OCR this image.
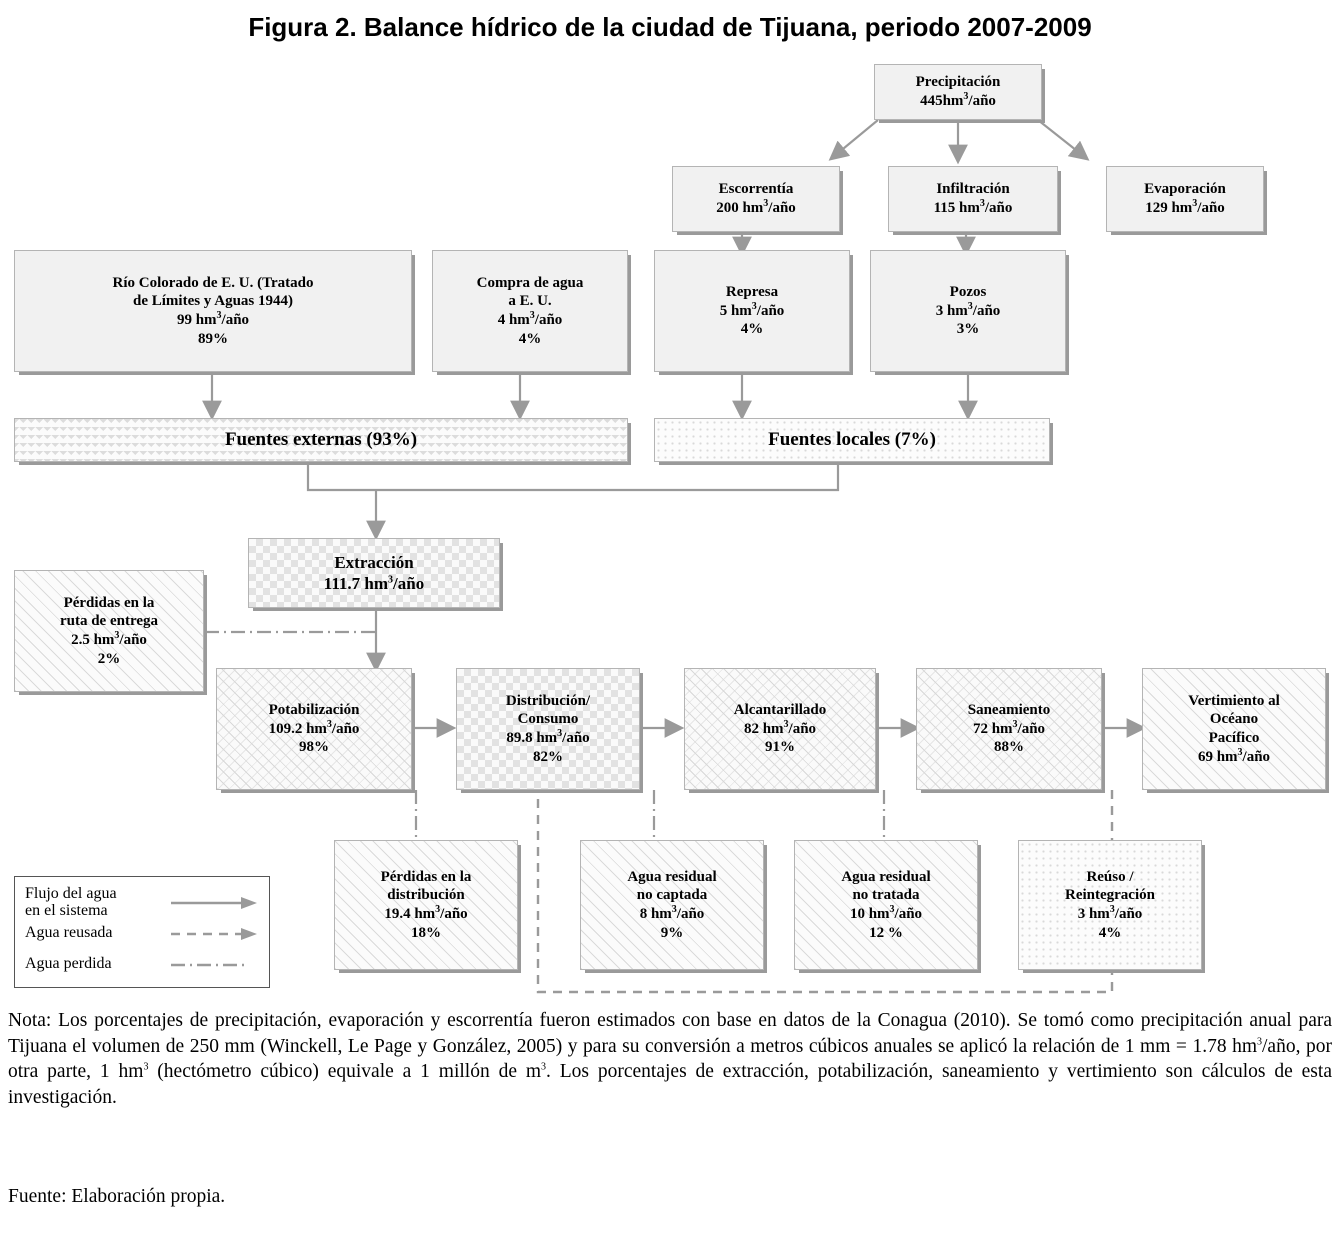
Figura 2. Balance hídrico de la ciudad de Tijuana, periodo 2007-2009
Precipitación
$445hm^3$/año
Escorrentía
200 $hm^3$/año
Infiltración
115 $hm^3$/año
Evaporación
129 $hm^3$/año
Río Colorado de E. U. (Tratado
de Límites y Aguas 1944)
99 $hm^3$/año
89%
Compra de agua
a E. U.
4 $hm^3$/año
4%
Represa
5 $hm^3$/año
4%
Pozos
3 $hm^3$/año
3%
Fuentes externas (93%)	Fuentes locales (7%)
Extracción
111.7 $hm^3$/año
Pérdidas en la
ruta de entrega
2.5 $hm^3$/año
2%
Potabilización
109.2 $hm^3$/año
98%
Distribución/
Consumo
89.8 $hm^3$/año
82%
Alcantarillado
82 $hm^3$/año
91%
Saneamiento
72 $hm^3$/año
88%
Vertimiento al
Océano
Pacífico
69 $hm^3$/año
Pérdidas en la
distribución
19.4 $hm^3$/año
18%
Agua residual
no captada
8 $hm^3$/año
9%
Agua residual
no tratada
10 $hm^3$/año
12 %
Reúso /
Reintegración
3 $hm^3$/año
4%
Flujo del agua
en el sistema
Agua reusada
Agua perdida

Nota: Los porcentajes de precipitación, evaporación y escorrentía fueron estimados con base en datos de la Conagua (2010). Se tomó como precipitación anual para Tijuana el volumen de 250 mm (Winckell, Le Page y González, 2005) y para su conversión a metros cúbicos anuales se aplicó la relación de 1 mm = 1.78 $hm^3$/año, por otra parte, 1 $hm^3$ (hectómetro cúbico) equivale a 1 millón de $m^3$. Los porcentajes de extracción, potabilización, saneamiento y vertimiento son cálculos de esta investigación.

Fuente: Elaboración propia.
